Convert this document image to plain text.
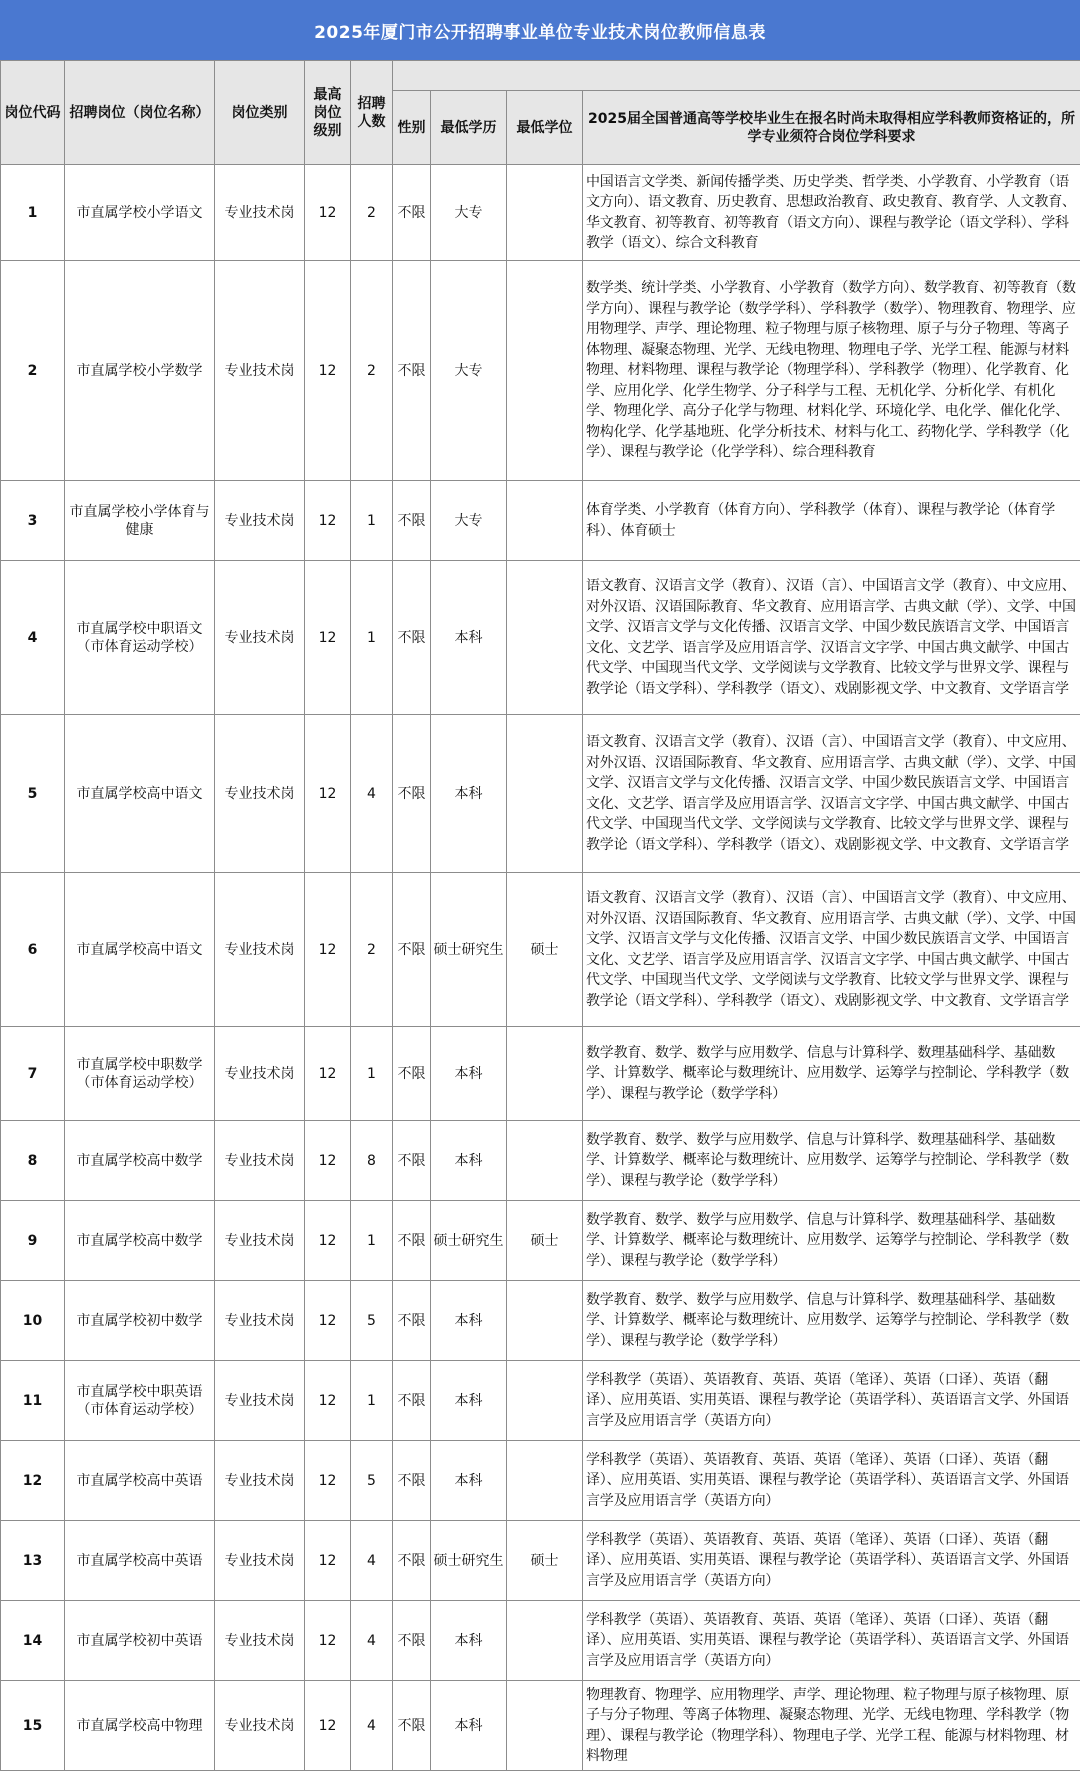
2025年厦门市公开招聘事业单位专业技术岗位教师信息表
岗位代码	招聘岗位（岗位名称）	岗位类别	最高岗位级别	招聘人数				
					性别	最低学历	最低学位	2025届全国普通高等学校毕业生在报名时尚未取得相应学科教师资格证的，所学专业须符合岗位学科要求
1	市直属学校小学语文	专业技术岗	12	2	不限	大专		中国语言文学类、新闻传播学类、历史学类、哲学类、小学教育、小学教育（语文方向）、语文教育、历史教育、思想政治教育、政史教育、教育学、人文教育、华文教育、初等教育、初等教育（语文方向）、课程与教学论（语文学科）、学科教学（语文）、综合文科教育
2	市直属学校小学数学	专业技术岗	12	2	不限	大专		数学类、统计学类、小学教育、小学教育（数学方向）、数学教育、初等教育（数学方向）、课程与教学论（数学学科）、学科教学（数学）、物理教育、物理学、应用物理学、声学、理论物理、粒子物理与原子核物理、原子与分子物理、等离子体物理、凝聚态物理、光学、无线电物理、物理电子学、光学工程、能源与材料物理、材料物理、课程与教学论（物理学科）、学科教学（物理）、化学教育、化学、应用化学、化学生物学、分子科学与工程、无机化学、分析化学、有机化学、物理化学、高分子化学与物理、材料化学、环境化学、电化学、催化化学、物构化学、化学基地班、化学分析技术、材料与化工、药物化学、学科教学（化学）、课程与教学论（化学学科）、综合理科教育
3	市直属学校小学体育与健康	专业技术岗	12	1	不限	大专		体育学类、小学教育（体育方向）、学科教学（体育）、课程与教学论（体育学科）、体育硕士
4	市直属学校中职语文（市体育运动学校）	专业技术岗	12	1	不限	本科		语文教育、汉语言文学（教育）、汉语（言）、中国语言文学（教育）、中文应用、对外汉语、汉语国际教育、华文教育、应用语言学、古典文献（学）、文学、中国文学、汉语言文学与文化传播、汉语言文学、中国少数民族语言文学、中国语言文化、文艺学、语言学及应用语言学、汉语言文字学、中国古典文献学、中国古代文学、中国现当代文学、文学阅读与文学教育、比较文学与世界文学、课程与教学论（语文学科）、学科教学（语文）、戏剧影视文学、中文教育、文学语言学
5	市直属学校高中语文	专业技术岗	12	4	不限	本科		语文教育、汉语言文学（教育）、汉语（言）、中国语言文学（教育）、中文应用、对外汉语、汉语国际教育、华文教育、应用语言学、古典文献（学）、文学、中国文学、汉语言文学与文化传播、汉语言文学、中国少数民族语言文学、中国语言文化、文艺学、语言学及应用语言学、汉语言文字学、中国古典文献学、中国古代文学、中国现当代文学、文学阅读与文学教育、比较文学与世界文学、课程与教学论（语文学科）、学科教学（语文）、戏剧影视文学、中文教育、文学语言学
6	市直属学校高中语文	专业技术岗	12	2	不限	硕士研究生	硕士	语文教育、汉语言文学（教育）、汉语（言）、中国语言文学（教育）、中文应用、对外汉语、汉语国际教育、华文教育、应用语言学、古典文献（学）、文学、中国文学、汉语言文学与文化传播、汉语言文学、中国少数民族语言文学、中国语言文化、文艺学、语言学及应用语言学、汉语言文字学、中国古典文献学、中国古代文学、中国现当代文学、文学阅读与文学教育、比较文学与世界文学、课程与教学论（语文学科）、学科教学（语文）、戏剧影视文学、中文教育、文学语言学
7	市直属学校中职数学（市体育运动学校）	专业技术岗	12	1	不限	本科		数学教育、数学、数学与应用数学、信息与计算科学、数理基础科学、基础数学、计算数学、概率论与数理统计、应用数学、运筹学与控制论、学科教学（数学）、课程与教学论（数学学科）
8	市直属学校高中数学	专业技术岗	12	8	不限	本科		数学教育、数学、数学与应用数学、信息与计算科学、数理基础科学、基础数学、计算数学、概率论与数理统计、应用数学、运筹学与控制论、学科教学（数学）、课程与教学论（数学学科）
9	市直属学校高中数学	专业技术岗	12	1	不限	硕士研究生	硕士	数学教育、数学、数学与应用数学、信息与计算科学、数理基础科学、基础数学、计算数学、概率论与数理统计、应用数学、运筹学与控制论、学科教学（数学）、课程与教学论（数学学科）
10	市直属学校初中数学	专业技术岗	12	5	不限	本科		数学教育、数学、数学与应用数学、信息与计算科学、数理基础科学、基础数学、计算数学、概率论与数理统计、应用数学、运筹学与控制论、学科教学（数学）、课程与教学论（数学学科）
11	市直属学校中职英语（市体育运动学校）	专业技术岗	12	1	不限	本科		学科教学（英语）、英语教育、英语、英语（笔译）、英语（口译）、英语（翻译）、应用英语、实用英语、课程与教学论（英语学科）、英语语言文学、外国语言学及应用语言学（英语方向）
12	市直属学校高中英语	专业技术岗	12	5	不限	本科		学科教学（英语）、英语教育、英语、英语（笔译）、英语（口译）、英语（翻译）、应用英语、实用英语、课程与教学论（英语学科）、英语语言文学、外国语言学及应用语言学（英语方向）
13	市直属学校高中英语	专业技术岗	12	4	不限	硕士研究生	硕士	学科教学（英语）、英语教育、英语、英语（笔译）、英语（口译）、英语（翻译）、应用英语、实用英语、课程与教学论（英语学科）、英语语言文学、外国语言学及应用语言学（英语方向）
14	市直属学校初中英语	专业技术岗	12	4	不限	本科		学科教学（英语）、英语教育、英语、英语（笔译）、英语（口译）、英语（翻译）、应用英语、实用英语、课程与教学论（英语学科）、英语语言文学、外国语言学及应用语言学（英语方向）
15	市直属学校高中物理	专业技术岗	12	4	不限	本科		物理教育、物理学、应用物理学、声学、理论物理、粒子物理与原子核物理、原子与分子物理、等离子体物理、凝聚态物理、光学、无线电物理、学科教学（物理）、课程与教学论（物理学科）、物理电子学、光学工程、能源与材料物理、材料物理
